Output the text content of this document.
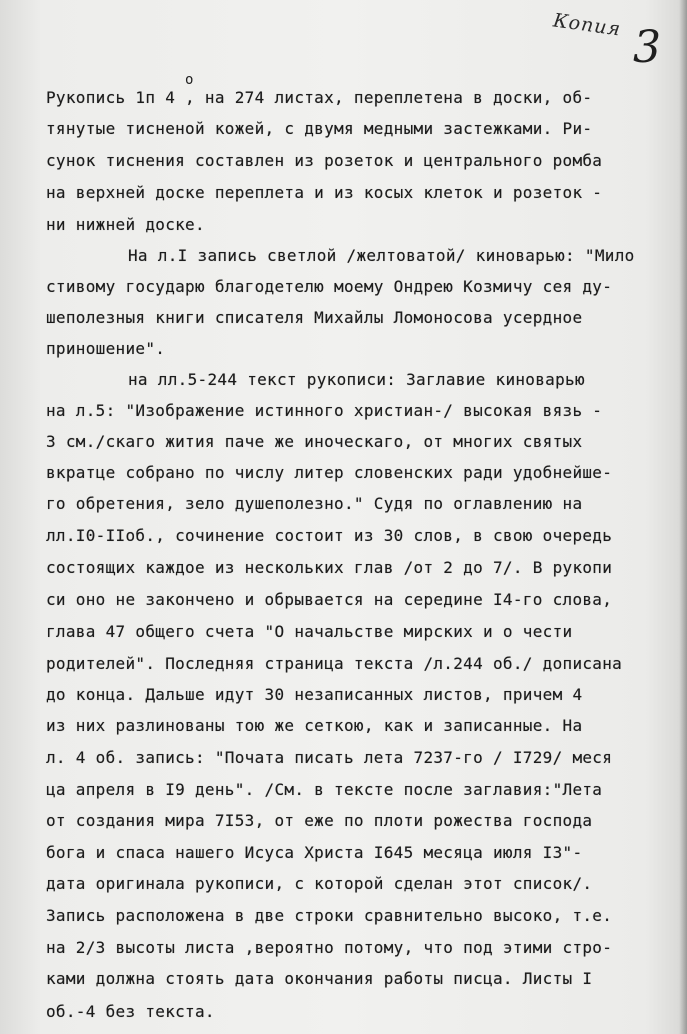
Копия 3
о
Рукопись 1п 4 , на 274 листах, переплетена в доски, об-
тянутые тисненой кожей, с двумя медными застежками. Ри-
сунок тиснения составлен из розеток и центрального ромба
на верхней доске переплета и из косых клеток и розеток -
ни нижней доске.
На л.I запись светлой /желтоватой/ киноварью: "Мило
стивому государю благодетелю моему Ондрею Козмичу сея ду-
шеполезныя книги списателя Михайлы Ломоносова усердное
приношение".
на лл.5-244 текст рукописи: Заглавие киноварью
на л.5: "Изображение истинного христиан-/ высокая вязь -
3 см./скаго жития паче же иноческаго, от многих святых
вкратце собрано по числу литер словенских ради удобнейше-
го обретения, зело душеполезно." Судя по оглавлению на
лл.I0-IIоб., сочинение состоит из 30 слов, в свою очередь
состоящих каждое из нескольких глав /от 2 до 7/. В рукопи
си оно не закончено и обрывается на середине I4-го слова,
глава 47 общего счета "О начальстве мирских и о чести
родителей". Последняя страница текста /л.244 об./ дописана
до конца. Дальше идут 30 незаписанных листов, причем 4
из них разлинованы тою же сеткою, как и записанные. На
л. 4 об. запись: "Почата писать лета 7237-го / I729/ меся
ца апреля в I9 день". /См. в тексте после заглавия:"Лета
от создания мира 7I53, от еже по плоти рожества господа
бога и спаса нашего Исуса Христа I645 месяца июля I3"-
дата оригинала рукописи, с которой сделан этот список/.
Запись расположена в две строки сравнительно высоко, т.е.
на 2/3 высоты листа ,вероятно потому, что под этими стро-
ками должна стоять дата окончания работы писца. Листы I
об.-4 без текста.
